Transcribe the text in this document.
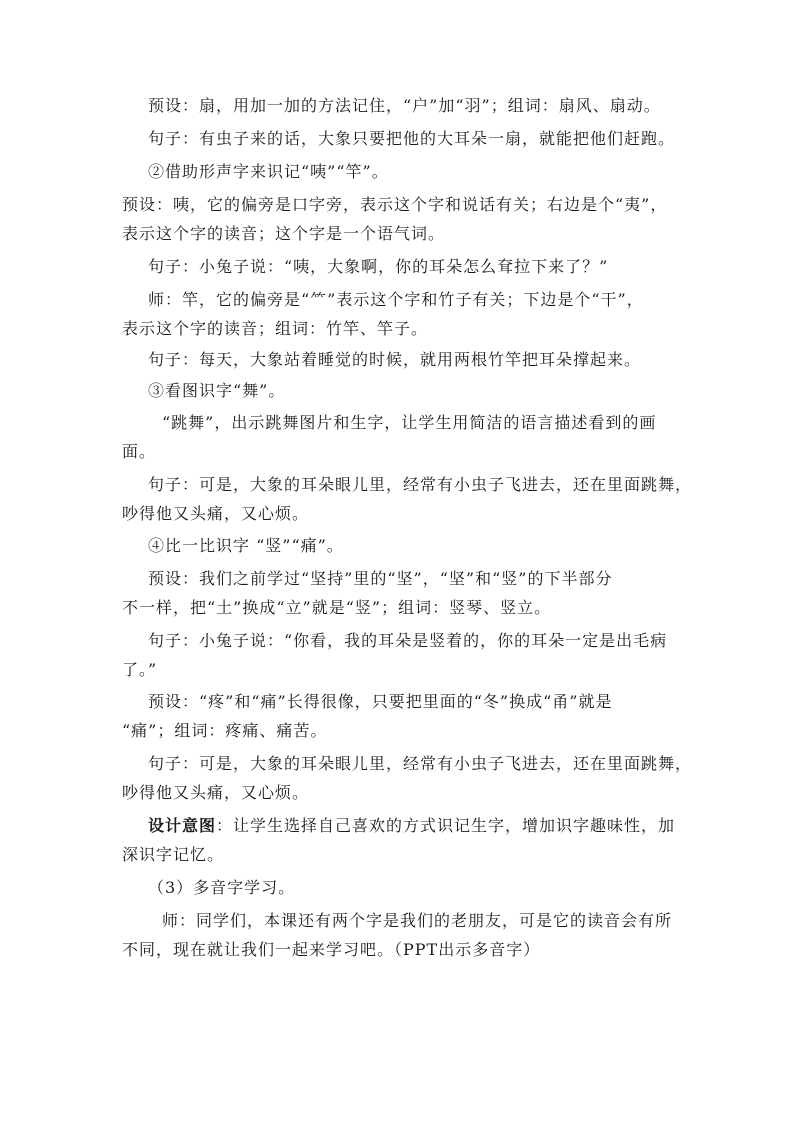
预设：扇，用加一加的方法记住，“户”加“羽”；组词：扇风、扇动。
句子：有虫子来的话，大象只要把他的大耳朵一扇，就能把他们赶跑。
②借助形声字来识记“咦”“竿”。
预设：咦，它的偏旁是口字旁，表示这个字和说话有关；右边是个“夷”，
表示这个字的读音；这个字是一个语气词。
句子：小兔子说：“咦，大象啊，你的耳朵怎么耷拉下来了？”
师：竿，它的偏旁是“⺮”表示这个字和竹子有关；下边是个“干”，
表示这个字的读音；组词：竹竿、竿子。
句子：每天，大象站着睡觉的时候，就用两根竹竿把耳朵撑起来。
③看图识字“舞”。
“跳舞”，出示跳舞图片和生字，让学生用简洁的语言描述看到的画
面。
句子：可是，大象的耳朵眼儿里，经常有小虫子飞进去，还在里面跳舞，
吵得他又头痛，又心烦。
④比一比识字 “竖”“痛”。
预设：我们之前学过“坚持”里的“坚”，“坚”和“竖”的下半部分
不一样，把“土”换成“立”就是“竖”；组词：竖琴、竖立。
句子：小兔子说：“你看，我的耳朵是竖着的，你的耳朵一定是出毛病
了。”
预设：“疼”和“痛”长得很像，只要把里面的“冬”换成“甬”就是
“痛”；组词：疼痛、痛苦。
句子：可是，大象的耳朵眼儿里，经常有小虫子飞进去，还在里面跳舞，
吵得他又头痛，又心烦。
设计意图：让学生选择自己喜欢的方式识记生字，增加识字趣味性，加
深识字记忆。
（3）多音字学习。
师：同学们，本课还有两个字是我们的老朋友，可是它的读音会有所
不同，现在就让我们一起来学习吧。（PPT出示多音字）
